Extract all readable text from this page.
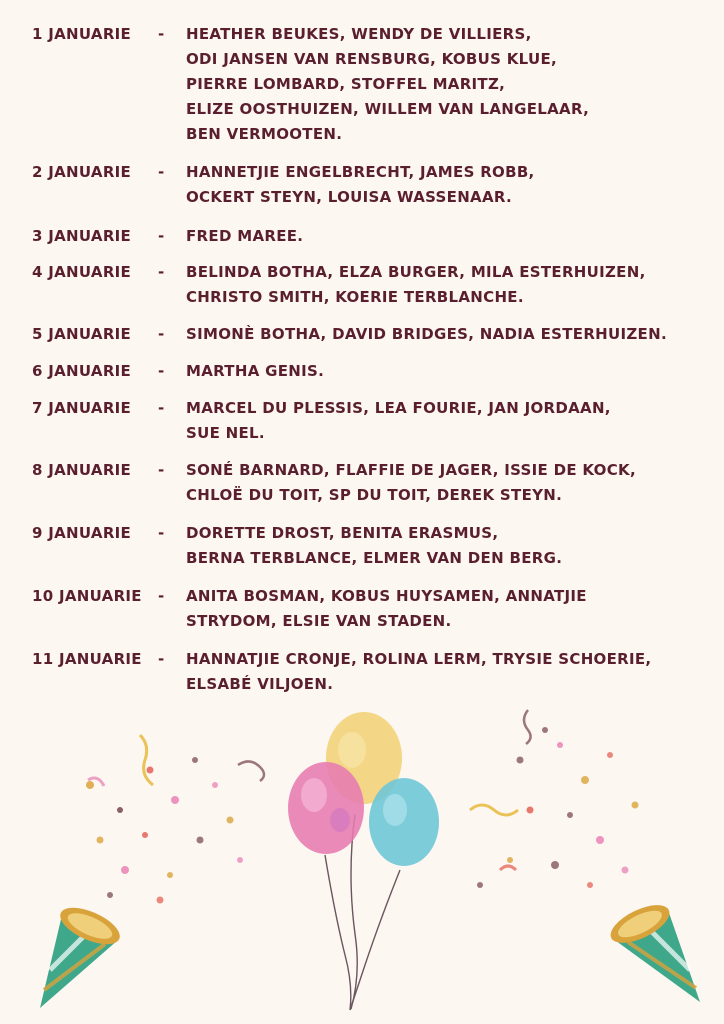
1 JANUARIE - HEATHER BEUKES, WENDY DE VILLIERS,
ODI JANSEN VAN RENSBURG, KOBUS KLUE,
PIERRE LOMBARD, STOFFEL MARITZ,
ELIZE OOSTHUIZEN, WILLEM VAN LANGELAAR,
BEN VERMOOTEN.
2 JANUARIE - HANNETJIE ENGELBRECHT, JAMES ROBB,
OCKERT STEYN, LOUISA WASSENAAR.
3 JANUARIE - FRED MAREE.
4 JANUARIE - BELINDA BOTHA, ELZA BURGER, MILA ESTERHUIZEN,
CHRISTO SMITH, KOERIE TERBLANCHE.
5 JANUARIE - SIMONÈ BOTHA, DAVID BRIDGES, NADIA ESTERHUIZEN.
6 JANUARIE - MARTHA GENIS.
7 JANUARIE - MARCEL DU PLESSIS, LEA FOURIE, JAN JORDAAN,
SUE NEL.
8 JANUARIE - SONÉ BARNARD, FLAFFIE DE JAGER, ISSIE DE KOCK,
CHLOË DU TOIT, SP DU TOIT, DEREK STEYN.
9 JANUARIE - DORETTE DROST, BENITA ERASMUS,
BERNA TERBLANCE, ELMER VAN DEN BERG.
10 JANUARIE - ANITA BOSMAN, KOBUS HUYSAMEN, ANNATJIE
STRYDOM, ELSIE VAN STADEN.
11 JANUARIE - HANNATJIE CRONJE, ROLINA LERM, TRYSIE SCHOERIE,
ELSABÉ VILJOEN.
